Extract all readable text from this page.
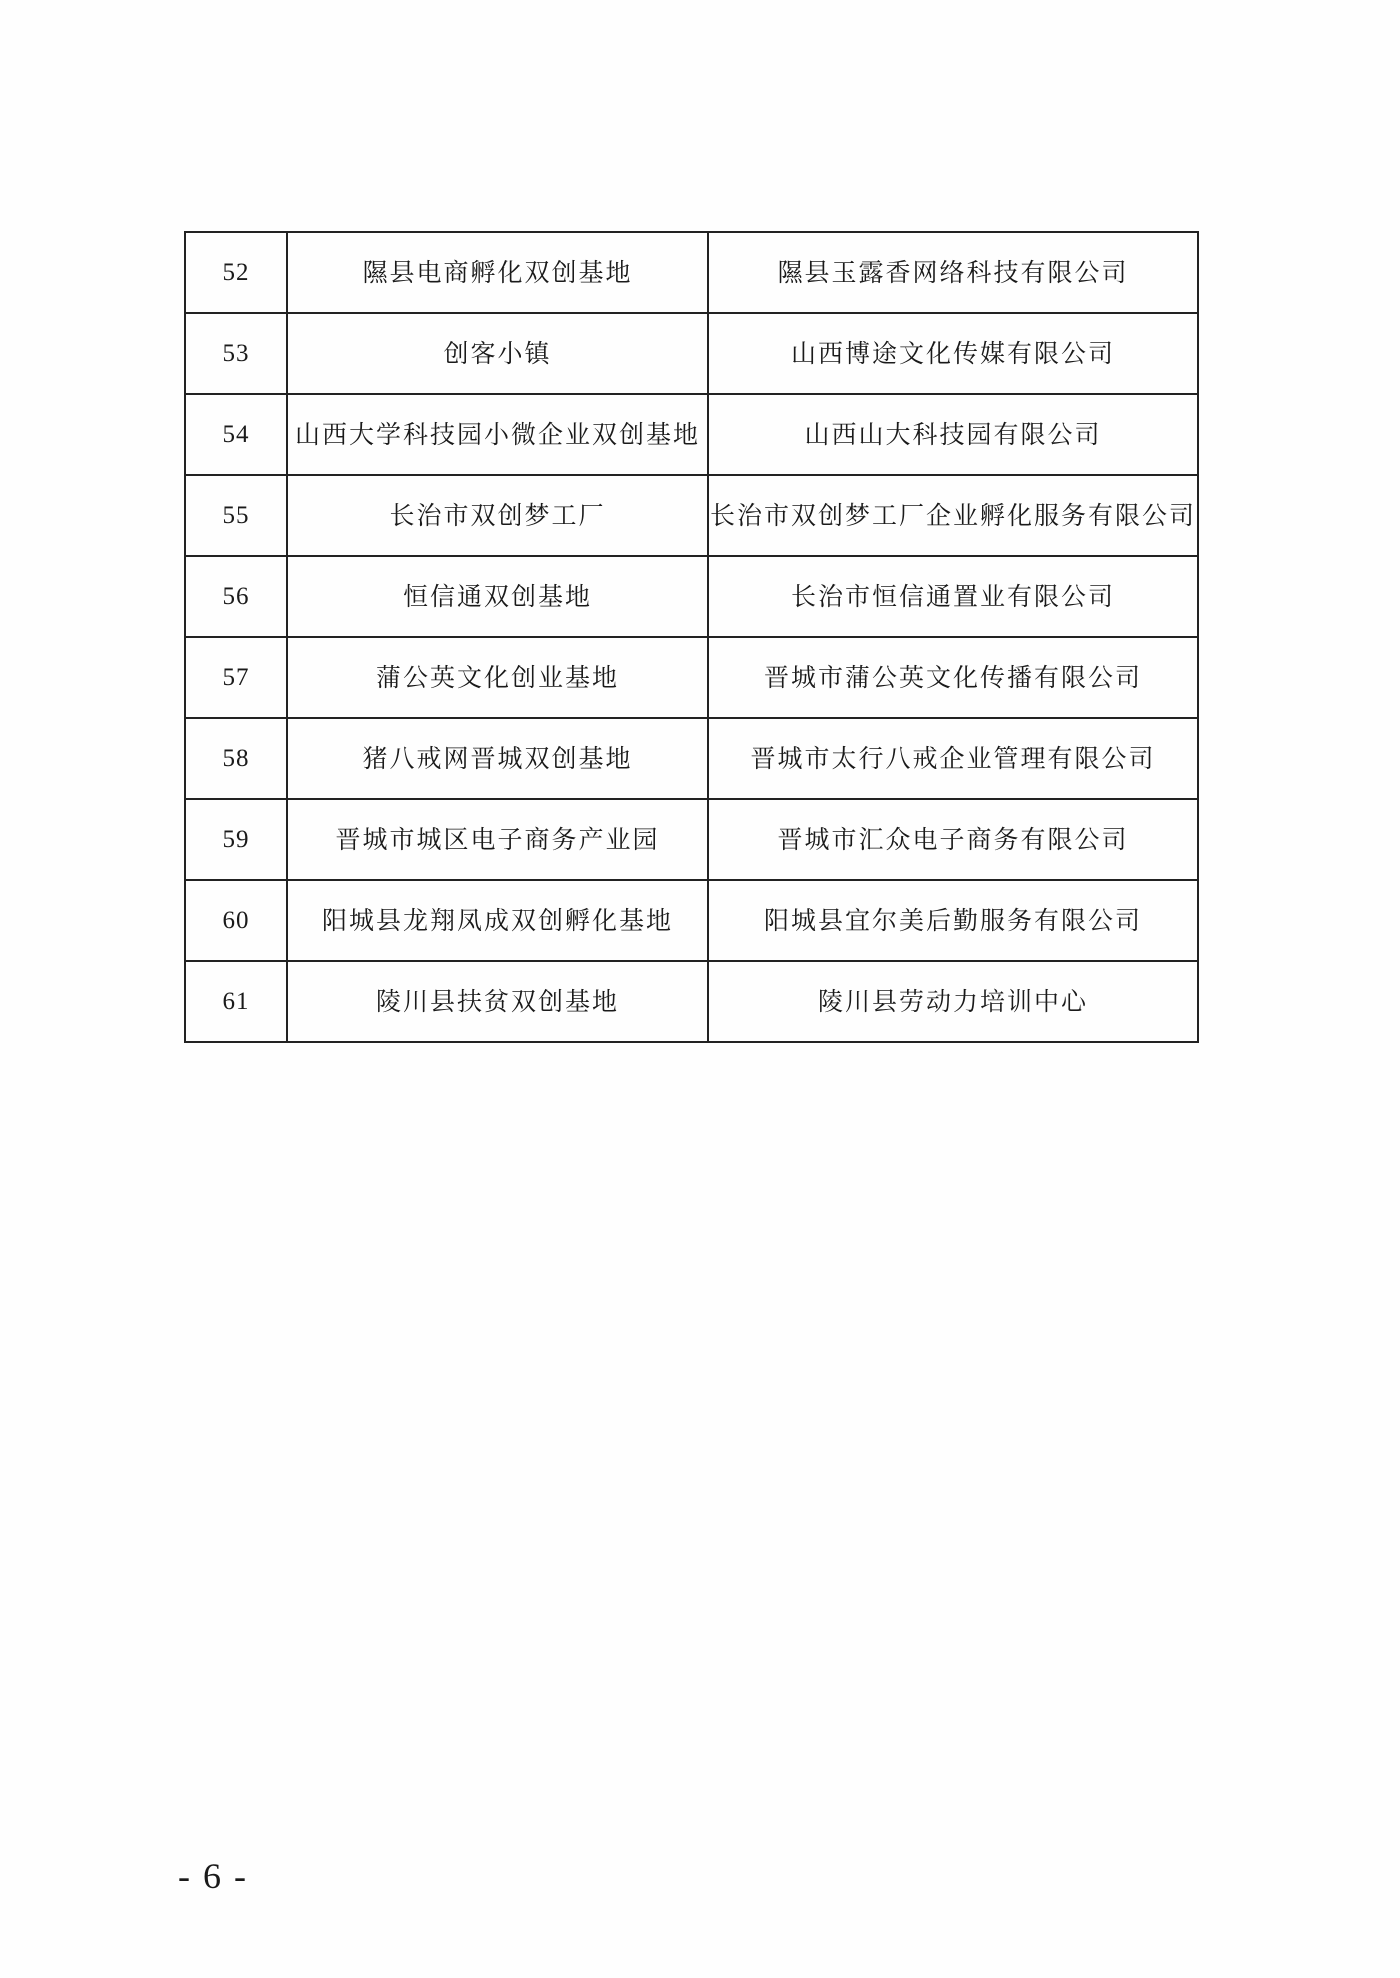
52	隰县电商孵化双创基地	隰县玉露香网络科技有限公司
53	创客小镇	山西博途文化传媒有限公司
54	山西大学科技园小微企业双创基地	山西山大科技园有限公司
55	长治市双创梦工厂	长治市双创梦工厂企业孵化服务有限公司
56	恒信通双创基地	长治市恒信通置业有限公司
57	蒲公英文化创业基地	晋城市蒲公英文化传播有限公司
58	猪八戒网晋城双创基地	晋城市太行八戒企业管理有限公司
59	晋城市城区电子商务产业园	晋城市汇众电子商务有限公司
60	阳城县龙翔凤成双创孵化基地	阳城县宜尔美后勤服务有限公司
61	陵川县扶贫双创基地	陵川县劳动力培训中心
- 6 -
